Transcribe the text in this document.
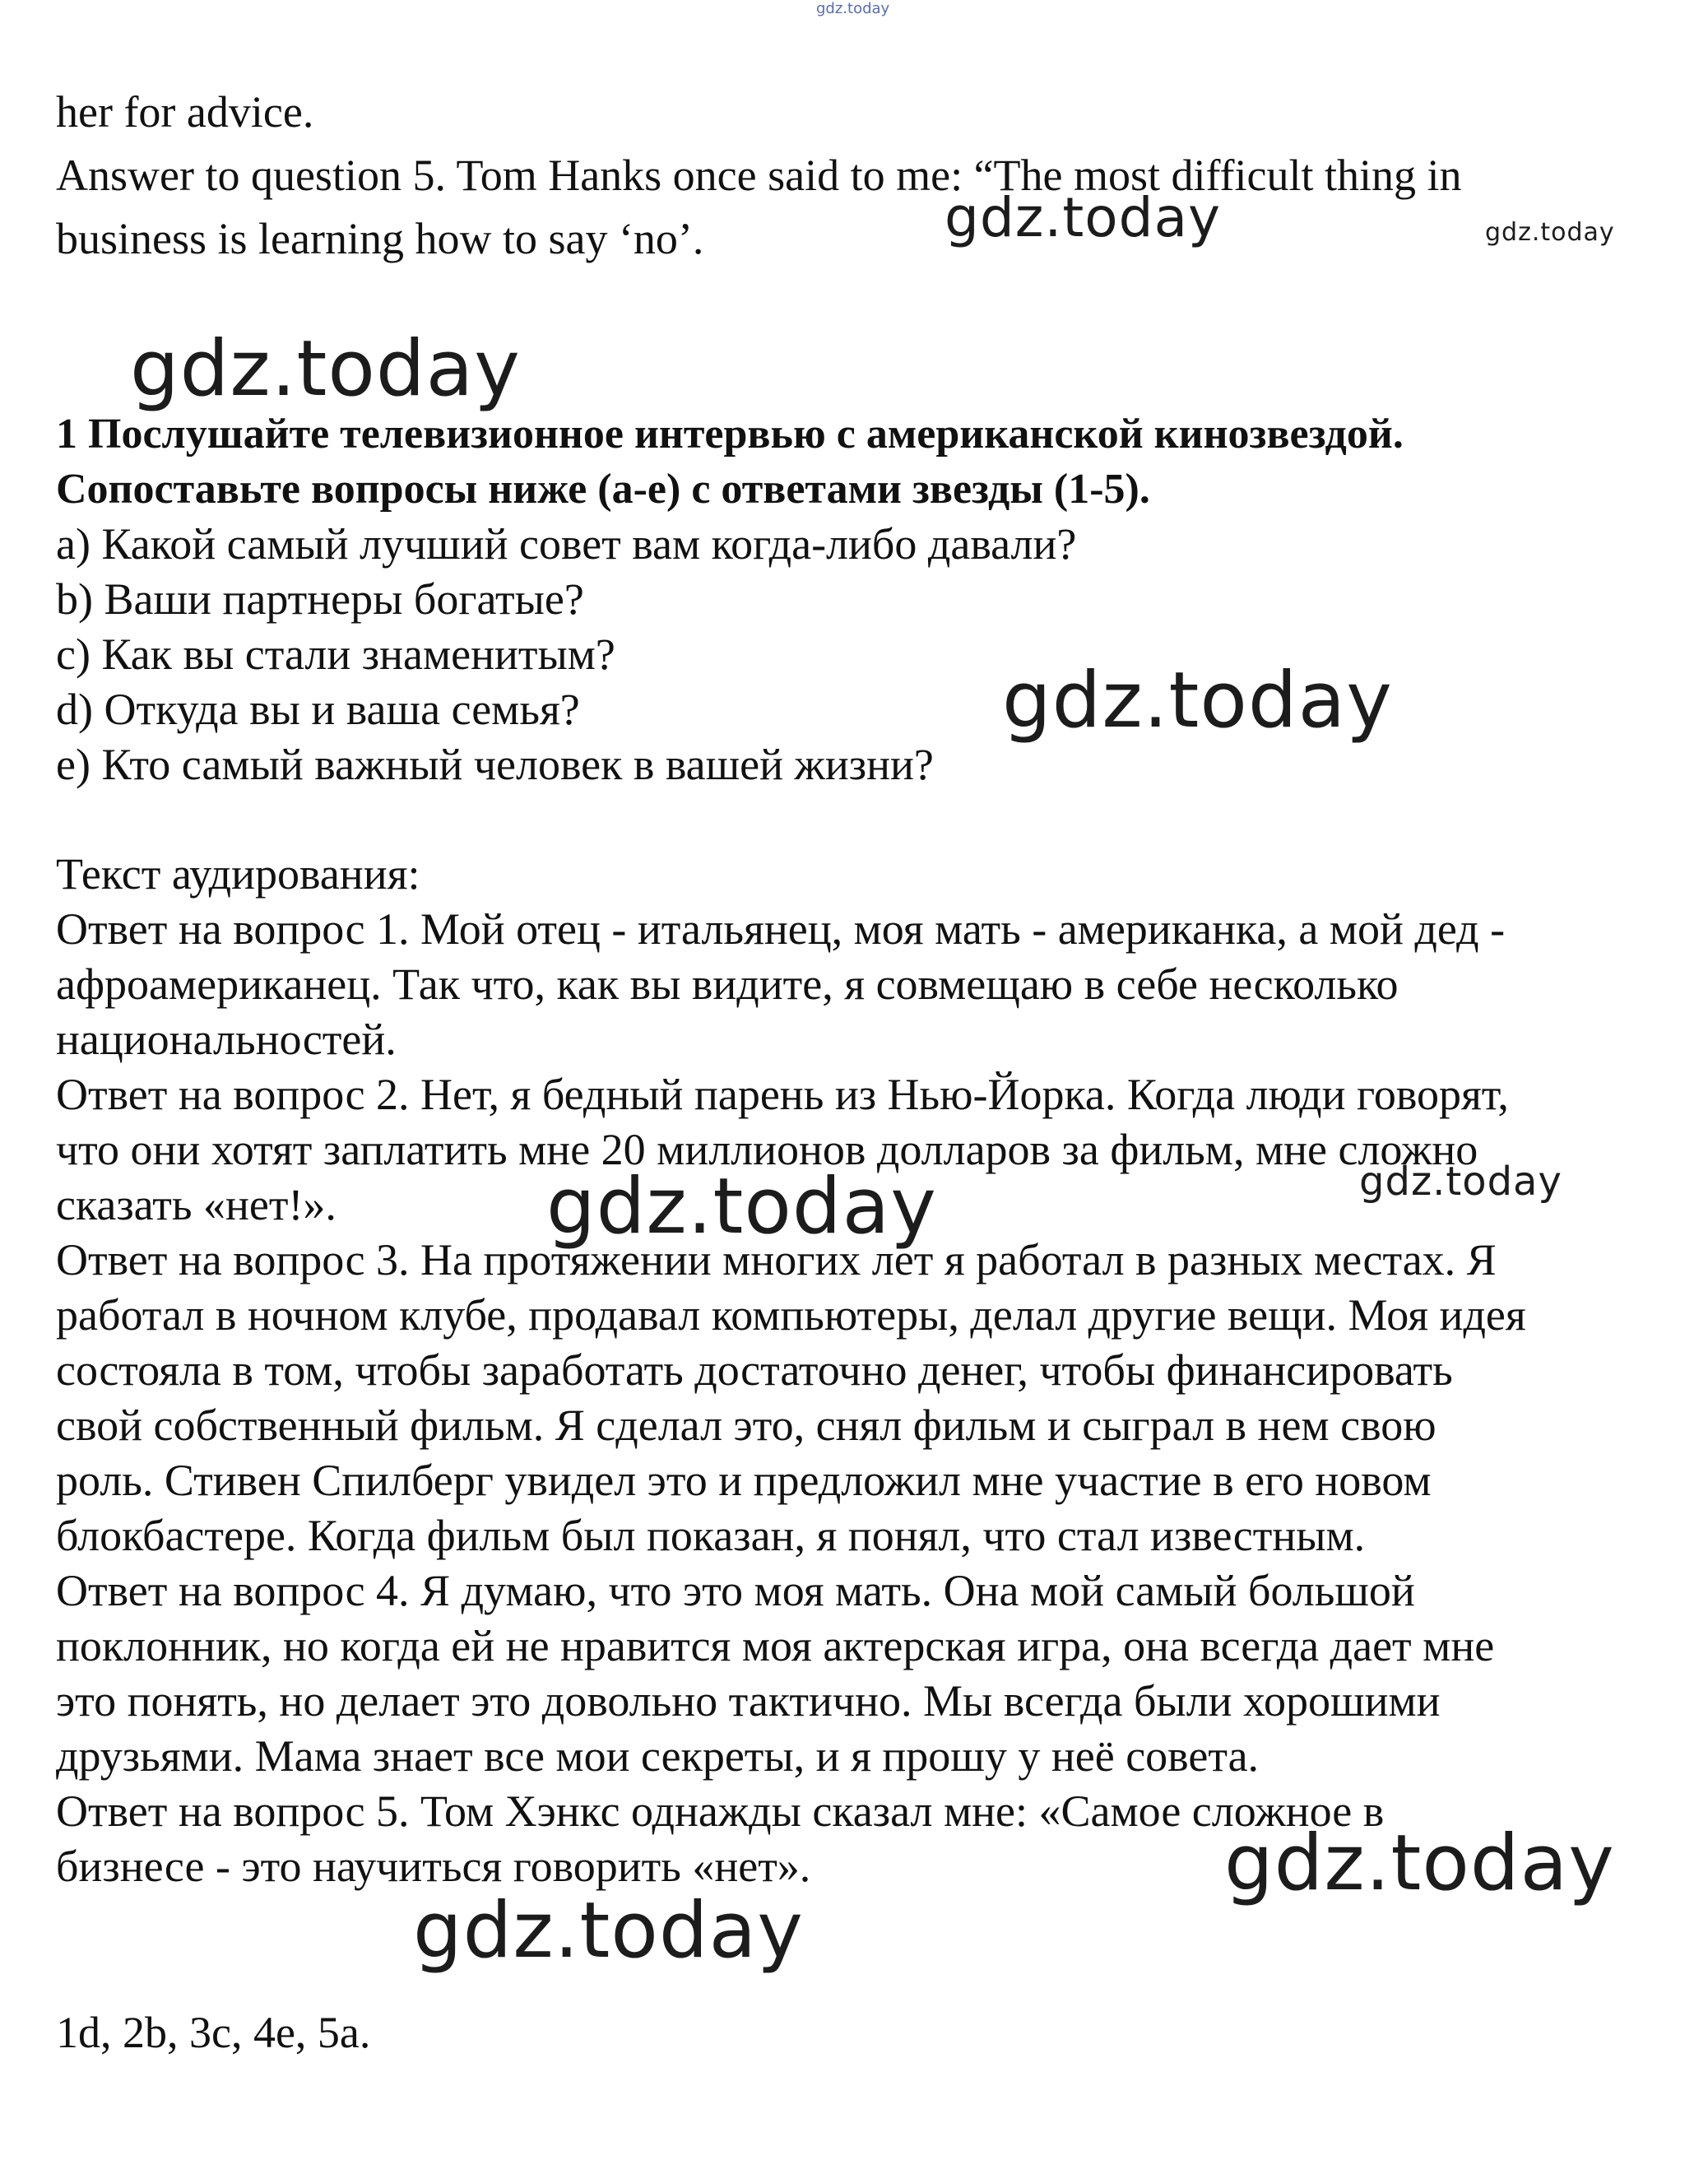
gdz.today
gdz.today	gdz.today
gdz.today
gdz.today
gdz.today
gdz.today
gdz.today
gdz.today
her for advice.
Answer to question 5. Tom Hanks once said to me: “The most difficult thing in
business is learning how to say ‘no’.
1 Послушайте телевизионное интервью с американской кинозвездой.
Сопоставьте вопросы ниже (a-e) с ответами звезды (1-5).
a) Какой самый лучший совет вам когда-либо давали?
b) Ваши партнеры богатые?
c) Как вы стали знаменитым?
d) Откуда вы и ваша семья?
e) Кто самый важный человек в вашей жизни?
Текст аудирования:
Ответ на вопрос 1. Мой отец - итальянец, моя мать - американка, а мой дед -
афроамериканец. Так что, как вы видите, я совмещаю в себе несколько
национальностей.
Ответ на вопрос 2. Нет, я бедный парень из Нью-Йорка. Когда люди говорят,
что они хотят заплатить мне 20 миллионов долларов за фильм, мне сложно
сказать «нет!».
Ответ на вопрос 3. На протяжении многих лет я работал в разных местах. Я
работал в ночном клубе, продавал компьютеры, делал другие вещи. Моя идея
состояла в том, чтобы заработать достаточно денег, чтобы финансировать
свой собственный фильм. Я сделал это, снял фильм и сыграл в нем свою
роль. Стивен Спилберг увидел это и предложил мне участие в его новом
блокбастере. Когда фильм был показан, я понял, что стал известным.
Ответ на вопрос 4. Я думаю, что это моя мать. Она мой самый большой
поклонник, но когда ей не нравится моя актерская игра, она всегда дает мне
это понять, но делает это довольно тактично. Мы всегда были хорошими
друзьями. Мама знает все мои секреты, и я прошу у неё совета.
Ответ на вопрос 5. Том Хэнкс однажды сказал мне: «Самое сложное в
бизнесе - это научиться говорить «нет».
1d, 2b, 3c, 4e, 5a.
